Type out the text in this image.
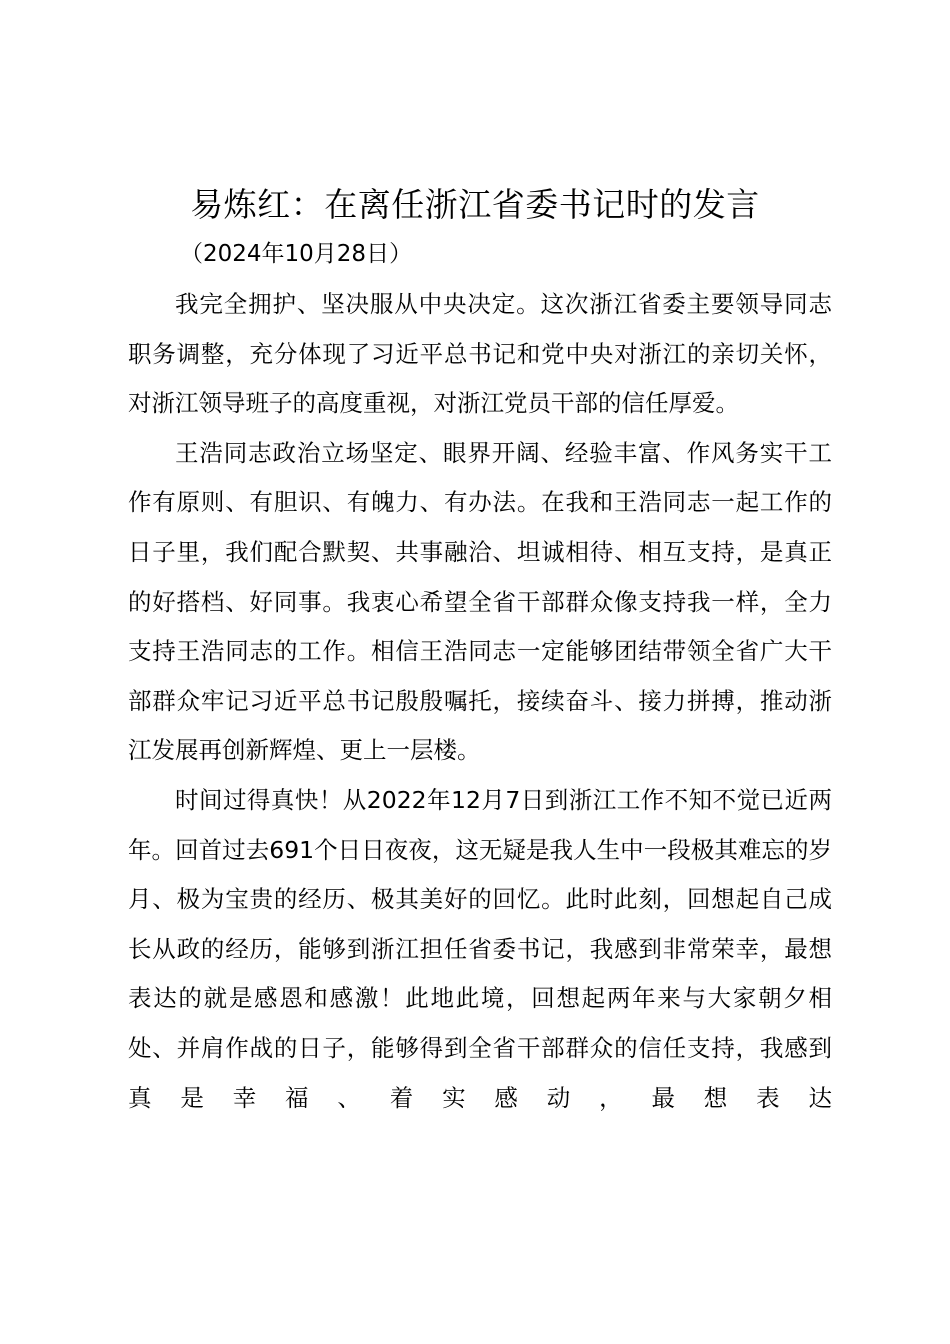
易炼红：在离任浙江省委书记时的发言
（2024年10月28日）

我完全拥护、坚决服从中央决定。这次浙江省委主要领导同志职务调整，充分体现了习近平总书记和党中央对浙江的亲切关怀，对浙江领导班子的高度重视，对浙江党员干部的信任厚爱。

王浩同志政治立场坚定、眼界开阔、经验丰富、作风务实干工作有原则、有胆识、有魄力、有办法。在我和王浩同志一起工作的日子里，我们配合默契、共事融洽、坦诚相待、相互支持，是真正的好搭档、好同事。我衷心希望全省干部群众像支持我一样，全力支持王浩同志的工作。相信王浩同志一定能够团结带领全省广大干部群众牢记习近平总书记殷殷嘱托，接续奋斗、接力拼搏，推动浙江发展再创新辉煌、更上一层楼。

时间过得真快！从2022年12月7日到浙江工作不知不觉已近两年。回首过去691个日日夜夜，这无疑是我人生中一段极其难忘的岁月、极为宝贵的经历、极其美好的回忆。此时此刻，回想起自己成长从政的经历，能够到浙江担任省委书记，我感到非常荣幸，最想表达的就是感恩和感激！此地此境，回想起两年来与大家朝夕相处、并肩作战的日子，能够得到全省干部群众的信任支持，我感到真是幸福、着实感动，最想表达
